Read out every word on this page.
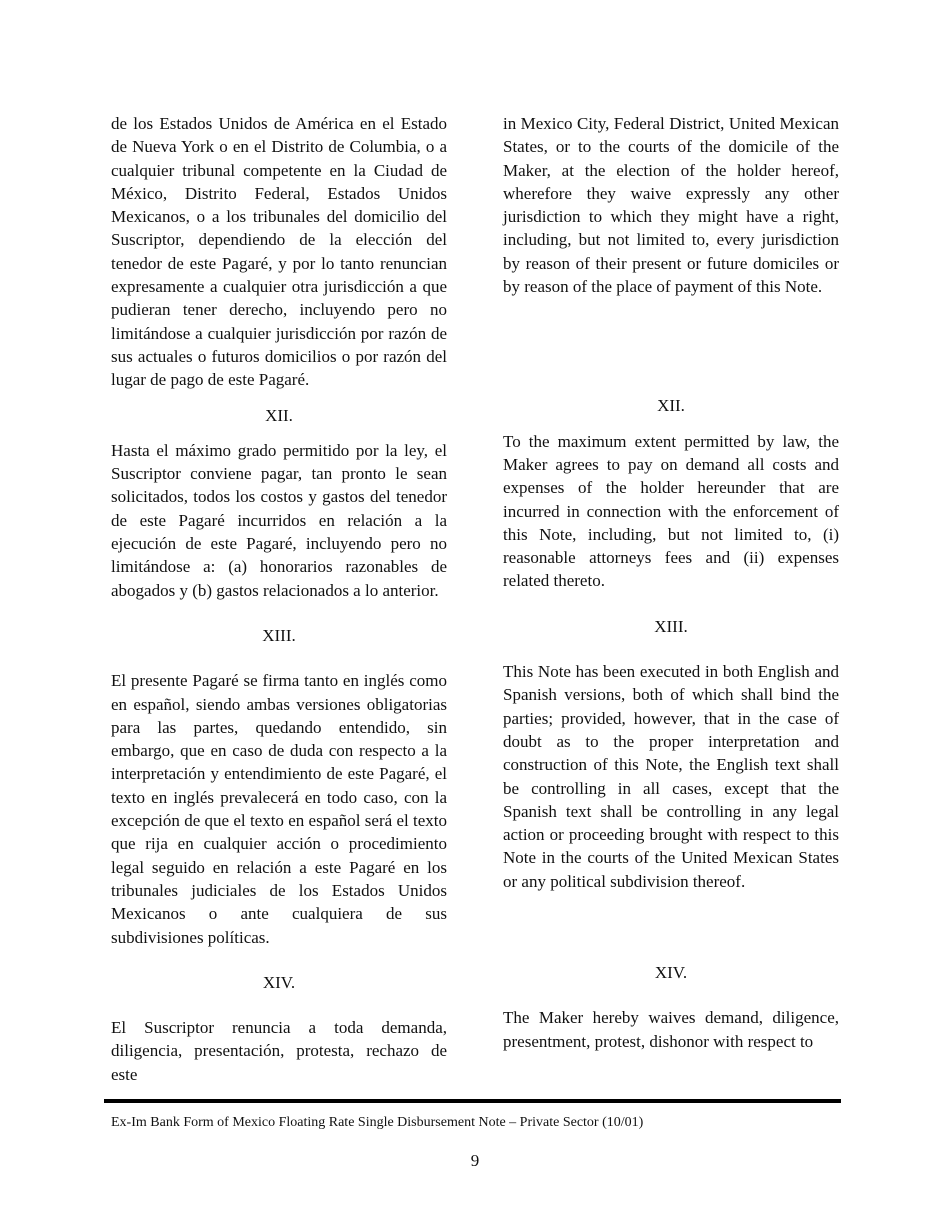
de los Estados Unidos de América en el Estado de Nueva York o en el Distrito de Columbia, o a cualquier tribunal competente en la Ciudad de México, Distrito Federal, Estados Unidos Mexicanos, o a los tribunales del domicilio del Suscriptor, dependiendo de la elección del tenedor de este Pagaré, y por lo tanto renuncian expresamente a cualquier otra jurisdicción a que pudieran tener derecho, incluyendo pero no limitándose a cualquier jurisdicción por razón de sus actuales o futuros domicilios o por razón del lugar de pago de este Pagaré.

XII.

Hasta el máximo grado permitido por la ley, el Suscriptor conviene pagar, tan pronto le sean solicitados, todos los costos y gastos del tenedor de este Pagaré incurridos en relación a la ejecución de este Pagaré, incluyendo pero no limitándose a: (a) honorarios razonables de abogados y (b) gastos relacionados a lo anterior.

XIII.

El presente Pagaré se firma tanto en inglés como en español, siendo ambas versiones obligatorias para las partes, quedando entendido, sin embargo, que en caso de duda con respecto a la interpretación y entendimiento de este Pagaré, el texto en inglés prevalecerá en todo caso, con la excepción de que el texto en español será el texto que rija en cualquier acción o procedimiento legal seguido en relación a este Pagaré en los tribunales judiciales de los Estados Unidos Mexicanos o ante cualquiera de sus subdivisiones políticas.

XIV.

El Suscriptor renuncia a toda demanda, diligencia, presentación, protesta, rechazo de este

in Mexico City, Federal District, United Mexican States, or to the courts of the domicile of the Maker, at the election of the holder hereof, wherefore they waive expressly any other jurisdiction to which they might have a right, including, but not limited to, every jurisdiction by reason of their present or future domiciles or by reason of the place of payment of this Note.

XII.

To the maximum extent permitted by law, the Maker agrees to pay on demand all costs and expenses of the holder hereunder that are incurred in connection with the enforcement of this Note, including, but not limited to, (i) reasonable attorneys fees and (ii) expenses related thereto.

XIII.

This Note has been executed in both English and Spanish versions, both of which shall bind the parties; provided, however, that in the case of doubt as to the proper interpretation and construction of this Note, the English text shall be controlling in all cases, except that the Spanish text shall be controlling in any legal action or proceeding brought with respect to this Note in the courts of the United Mexican States or any political subdivision thereof.

XIV.

The Maker hereby waives demand, diligence, presentment, protest, dishonor with respect to

Ex-Im Bank Form of Mexico Floating Rate Single Disbursement Note – Private Sector (10/01)
9
